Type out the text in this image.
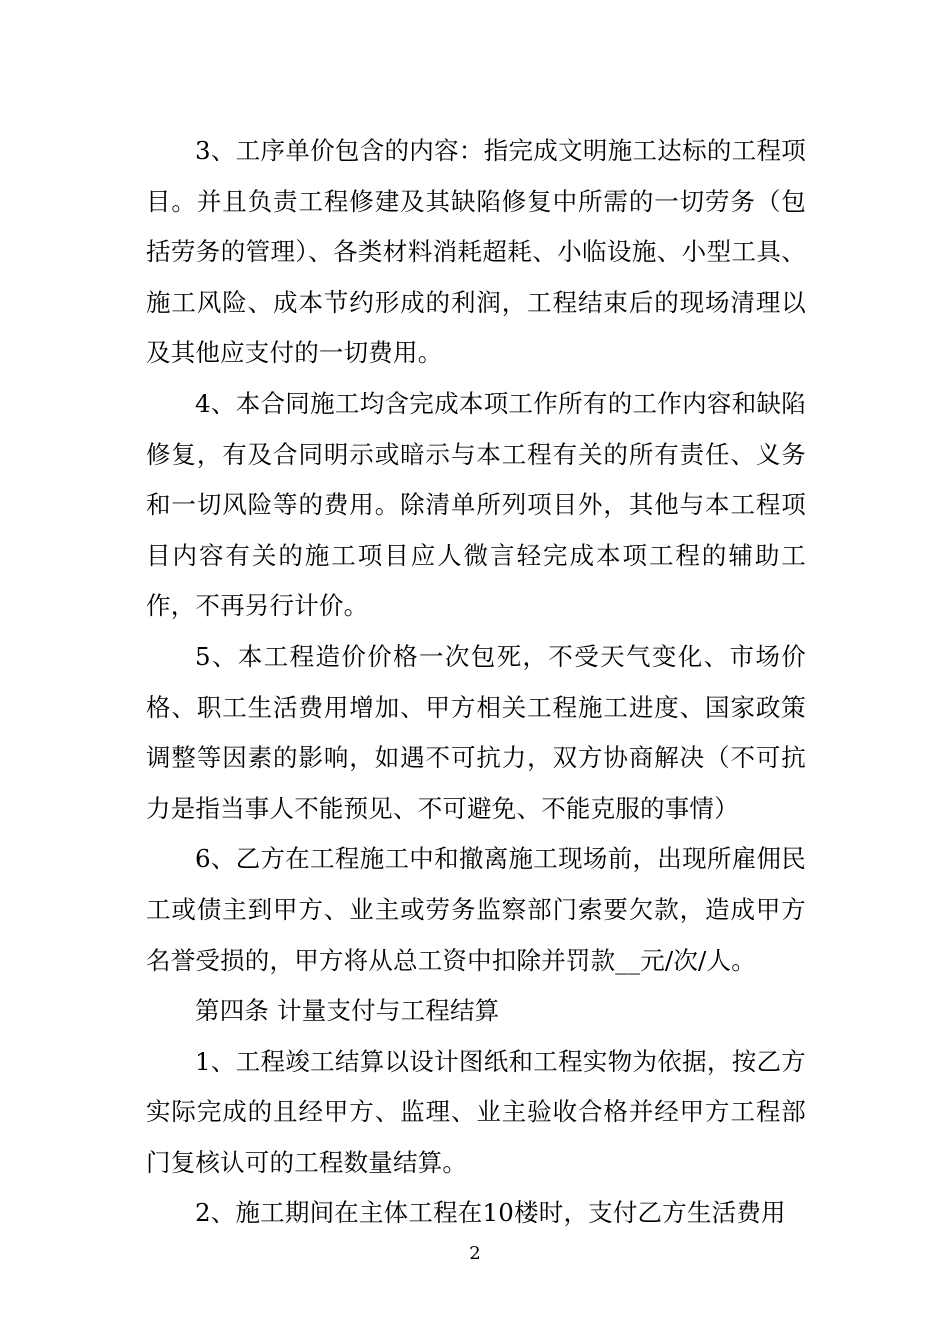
3、工序单价包含的内容：指完成文明施工达标的工程项目。并且负责工程修建及其缺陷修复中所需的一切劳务（包括劳务的管理）、各类材料消耗超耗、小临设施、小型工具、施工风险、成本节约形成的利润，工程结束后的现场清理以及其他应支付的一切费用。

4、本合同施工均含完成本项工作所有的工作内容和缺陷修复，有及合同明示或暗示与本工程有关的所有责任、义务和一切风险等的费用。除清单所列项目外，其他与本工程项目内容有关的施工项目应人微言轻完成本项工程的辅助工作，不再另行计价。

5、本工程造价价格一次包死，不受天气变化、市场价格、职工生活费用增加、甲方相关工程施工进度、国家政策调整等因素的影响，如遇不可抗力，双方协商解决（不可抗力是指当事人不能预见、不可避免、不能克服的事情）

6、乙方在工程施工中和撤离施工现场前，出现所雇佣民工或债主到甲方、业主或劳务监察部门索要欠款，造成甲方名誉受损的，甲方将从总工资中扣除并罚款__元/次/人。

第四条 计量支付与工程结算

1、工程竣工结算以设计图纸和工程实物为依据，按乙方实际完成的且经甲方、监理、业主验收合格并经甲方工程部门复核认可的工程数量结算。

2、施工期间在主体工程在10楼时，支付乙方生活费用

2
